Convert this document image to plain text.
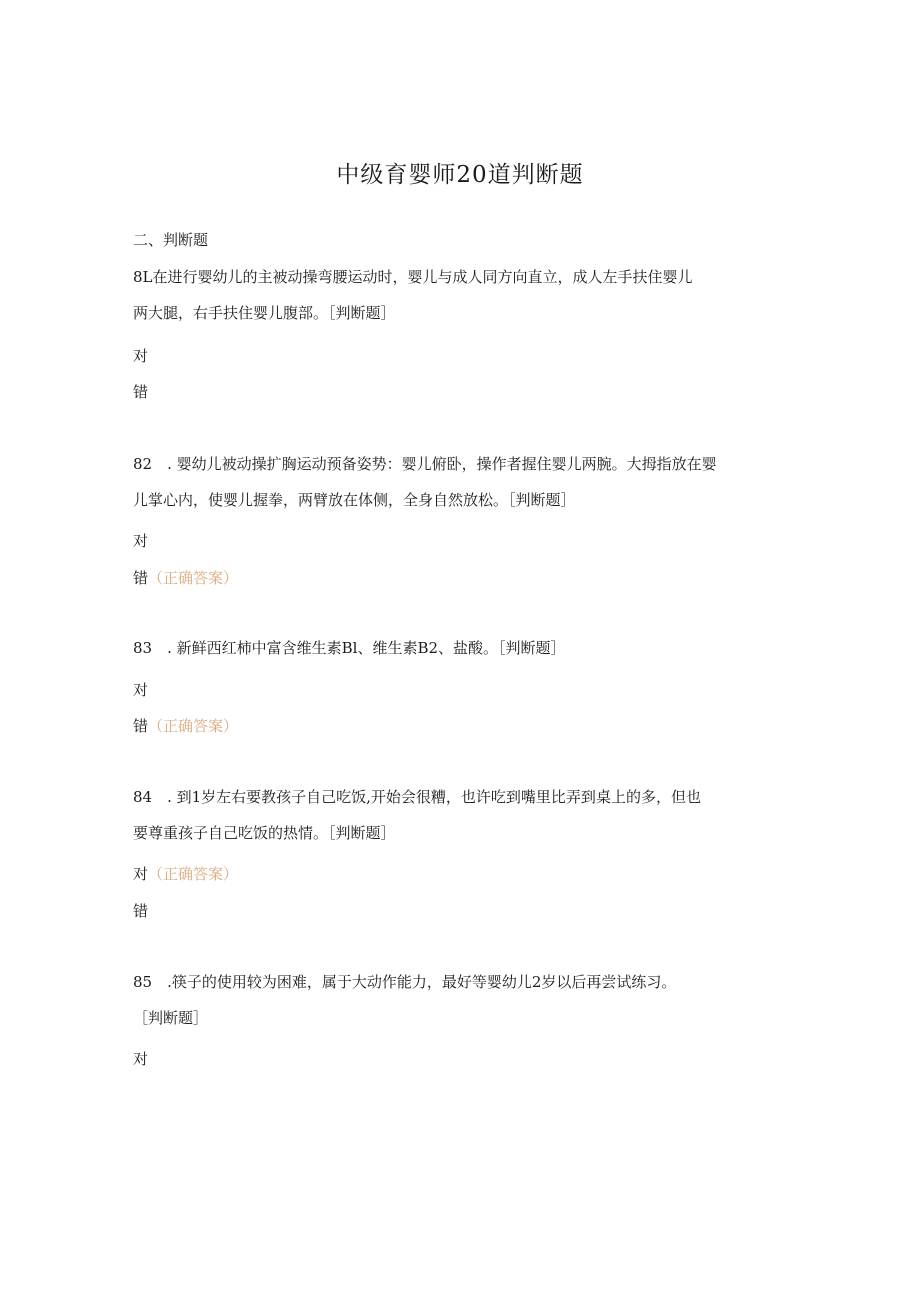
中级育婴师20道判断题
二、判断题
8L在进行婴幼儿的主被动操弯腰运动时，婴儿与成人同方向直立，成人左手扶住婴儿
两大腿，右手扶住婴儿腹部。［判断题］
对
错
82　. 婴幼儿被动操扩胸运动预备姿势：婴儿俯卧，操作者握住婴儿两腕。大拇指放在婴
儿掌心内，使婴儿握拳，两臂放在体侧，全身自然放松。［判断题］
对
错（正确答案）
83　. 新鲜西红柿中富含维生素Bl、维生素B2、盐酸。［判断题］
对
错（正确答案）
84　. 到1岁左右要教孩子自己吃饭,开始会很糟，也许吃到嘴里比弄到桌上的多，但也
要尊重孩子自己吃饭的热情。［判断题］
对（正确答案）
错
85　.筷子的使用较为困难，属于大动作能力，最好等婴幼儿2岁以后再尝试练习。
［判断题］
对
